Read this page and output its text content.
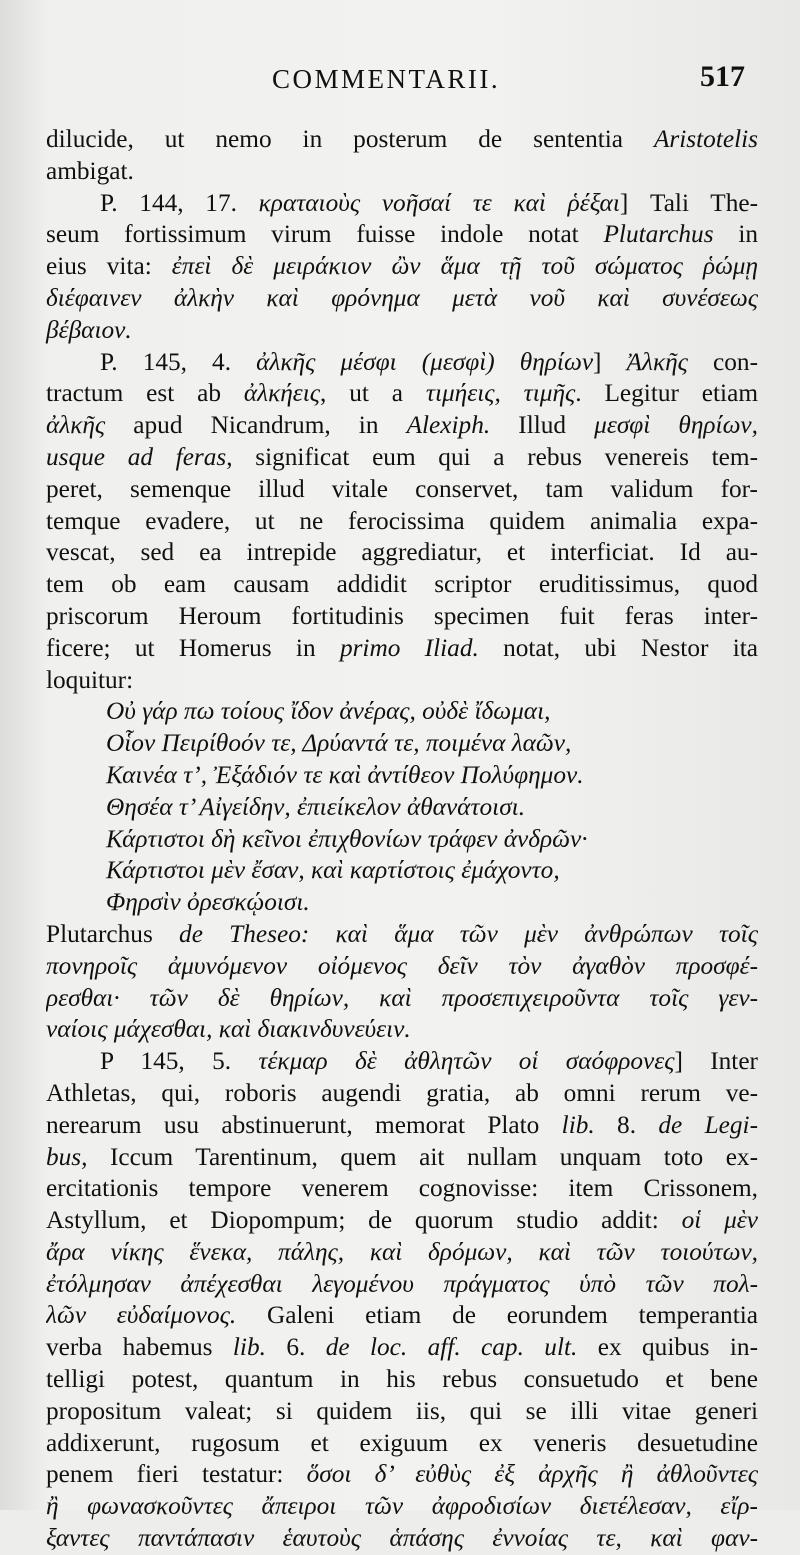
COMMENTARII.	517
dilucide, ut nemo in posterum de sententia Aristotelis
ambigat.
P. 144, 17. κραταιοὺς νοῆσαί τε καὶ ῥέξαι] Tali The-
seum fortissimum virum fuisse indole notat Plutarchus in
eius vita: ἐπεὶ δὲ μειράκιον ὢν ἅμα τῇ τοῦ σώματος ῥώμῃ
διέφαινεν ἀλκὴν καὶ φρόνημα μετὰ νοῦ καὶ συνέσεως
βέβαιον.
P. 145, 4. ἀλκῆς μέσφι (μεσφὶ) θηρίων] Ἀλκῆς con-
tractum est ab ἀλκήεις, ut a τιμήεις, τιμῆς. Legitur etiam
ἀλκῆς apud Nicandrum, in Alexiph. Illud μεσφὶ θηρίων,
usque ad feras, significat eum qui a rebus venereis tem-
peret, semenque illud vitale conservet, tam validum for-
temque evadere, ut ne ferocissima quidem animalia expa-
vescat, sed ea intrepide aggrediatur, et interficiat. Id au-
tem ob eam causam addidit scriptor eruditissimus, quod
priscorum Heroum fortitudinis specimen fuit feras inter-
ficere; ut Homerus in primo Iliad. notat, ubi Nestor ita
loquitur:
Οὐ γάρ πω τοίους ἴδον ἀνέρας, οὐδὲ ἴδωμαι,
Οἷον Πειρίθοόν τε, Δρύαντά τε, ποιμένα λαῶν,
Καινέα τ’, Ἐξάδιόν τε καὶ ἀντίθεον Πολύφημον.
Θησέα τ’ Αἰγείδην, ἐπιείκελον ἀθανάτοισι.
Κάρτιστοι δὴ κεῖνοι ἐπιχθονίων τράφεν ἀνδρῶν·
Κάρτιστοι μὲν ἔσαν, καὶ καρτίστοις ἐμάχοντο,
Φηρσὶν ὀρεσκῴοισι.
Plutarchus de Theseo: καὶ ἅμα τῶν μὲν ἀνθρώπων τοῖς
πονηροῖς ἀμυνόμενον οἰόμενος δεῖν τὸν ἀγαθὸν προσφέ-
ρεσθαι· τῶν δὲ θηρίων, καὶ προσεπιχειροῦντα τοῖς γεν-
ναίοις μάχεσθαι, καὶ διακινδυνεύειν.
P 145, 5. τέκμαρ δὲ ἀθλητῶν οἱ σαόφρονες] Inter
Athletas, qui, roboris augendi gratia, ab omni rerum ve-
nerearum usu abstinuerunt, memorat Plato lib. 8. de Legi-
bus, Iccum Tarentinum, quem ait nullam unquam toto ex-
ercitationis tempore venerem cognovisse: item Crissonem,
Astyllum, et Diopompum; de quorum studio addit: οἱ μὲν
ἄρα νίκης ἕνεκα, πάλης, καὶ δρόμων, καὶ τῶν τοιούτων,
ἐτόλμησαν ἀπέχεσθαι λεγομένου πράγματος ὑπὸ τῶν πολ-
λῶν εὐδαίμονος. Galeni etiam de eorundem temperantia
verba habemus lib. 6. de loc. aff. cap. ult. ex quibus in-
telligi potest, quantum in his rebus consuetudo et bene
propositum valeat; si quidem iis, qui se illi vitae generi
addixerunt, rugosum et exiguum ex veneris desuetudine
penem fieri testatur: ὅσοι δ’ εὐθὺς ἐξ ἀρχῆς ἢ ἀθλοῦντες
ἢ φωνασκοῦντες ἄπειροι τῶν ἀφροδισίων διετέλεσαν, εἴρ-
ξαντες παντάπασιν ἑαυτοὺς ἁπάσης ἐννοίας τε, καὶ φαν-
